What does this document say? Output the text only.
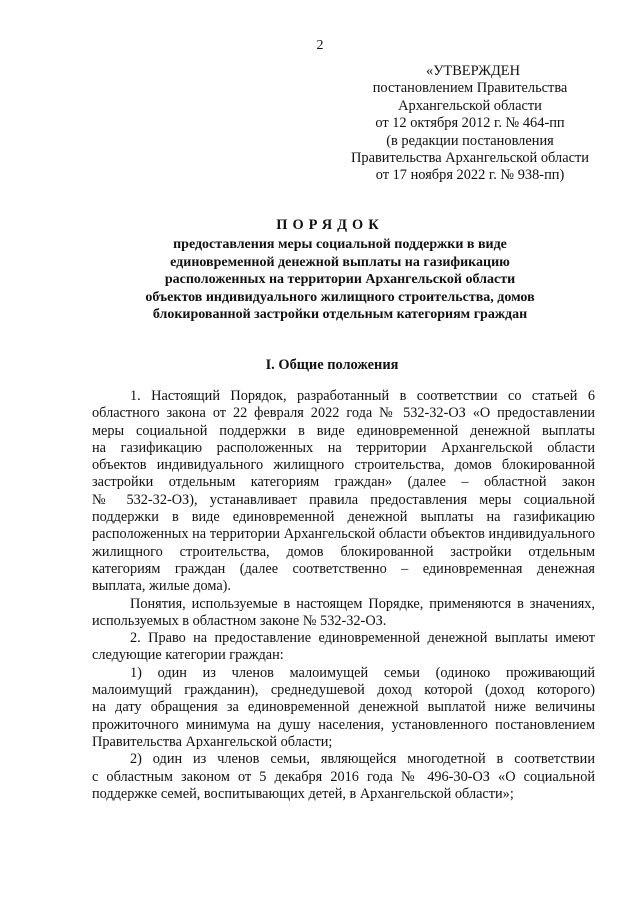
2
«УТВЕРЖДЕН
постановлением Правительства
Архангельской области
от 12 октября 2012 г. № 464-пп
(в редакции постановления
Правительства Архангельской области
от 17 ноября 2022 г. № 938-пп)
ПОРЯДОК
предоставления меры социальной поддержки в виде
единовременной денежной выплаты на газификацию
расположенных на территории Архангельской области
объектов индивидуального жилищного строительства, домов
блокированной застройки отдельным категориям граждан
I. Общие положения
1. Настоящий Порядок, разработанный в соответствии со статьей 6
областного закона от 22 февраля 2022 года № 532-32-ОЗ «О предоставлении
меры социальной поддержки в виде единовременной денежной выплаты
на газификацию расположенных на территории Архангельской области
объектов индивидуального жилищного строительства, домов блокированной
застройки отдельным категориям граждан» (далее – областной закон
№ 532-32-ОЗ), устанавливает правила предоставления меры социальной
поддержки в виде единовременной денежной выплаты на газификацию
расположенных на территории Архангельской области объектов индивидуального
жилищного строительства, домов блокированной застройки отдельным
категориям граждан (далее соответственно – единовременная денежная
выплата, жилые дома).
Понятия, используемые в настоящем Порядке, применяются в значениях,
используемых в областном законе № 532-32-ОЗ.
2. Право на предоставление единовременной денежной выплаты имеют
следующие категории граждан:
1) один из членов малоимущей семьи (одиноко проживающий
малоимущий гражданин), среднедушевой доход которой (доход которого)
на дату обращения за единовременной денежной выплатой ниже величины
прожиточного минимума на душу населения, установленного постановлением
Правительства Архангельской области;
2) один из членов семьи, являющейся многодетной в соответствии
с областным законом от 5 декабря 2016 года № 496-30-ОЗ «О социальной
поддержке семей, воспитывающих детей, в Архангельской области»;
